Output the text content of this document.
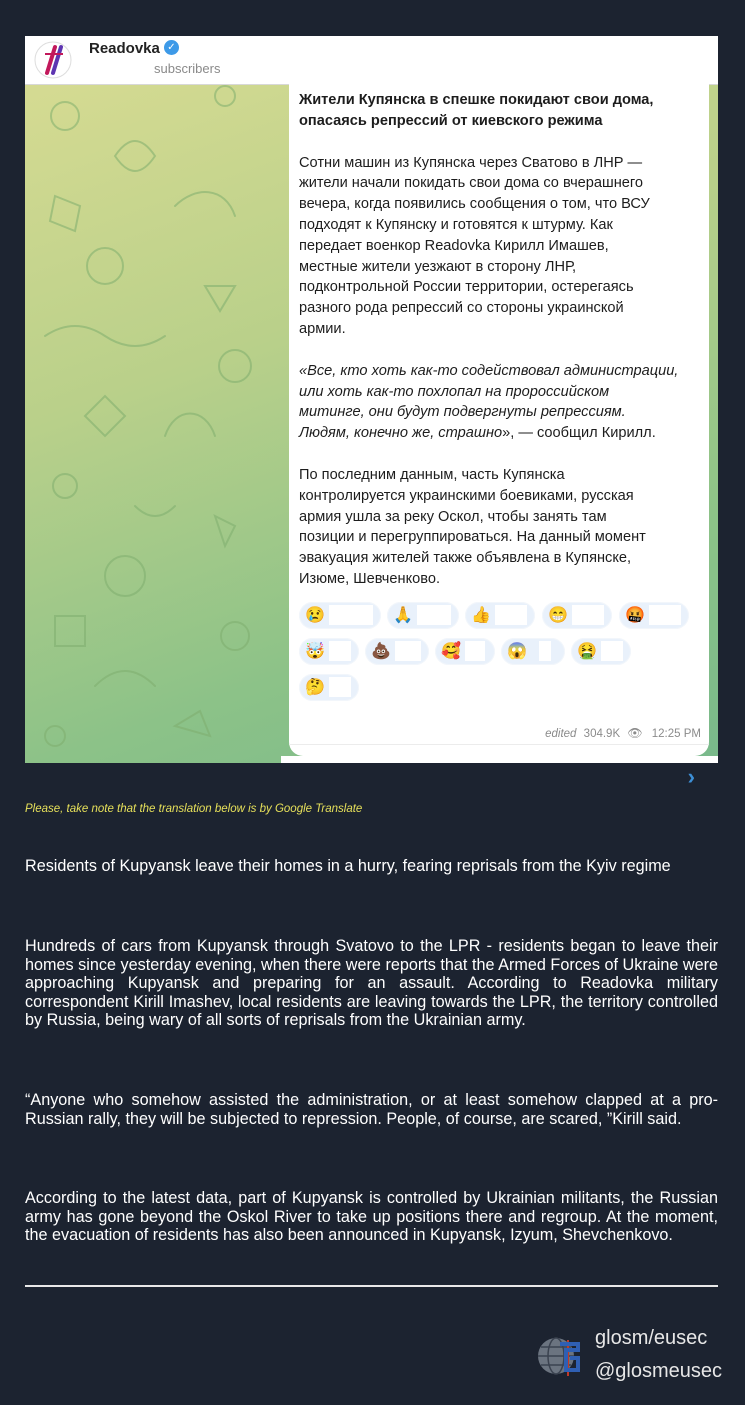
Readovka ✓
subscribers

Жители Купянска в спешке покидают свои дома,

опасаясь репрессий от киевского режима

Сотни машин из Купянска через Сватово в ЛНР —

жители начали покидать свои дома со вчерашнего

вечера, когда появились сообщения о том, что ВСУ

подходят к Купянску и готовятся к штурму. Как

передает военкор Readovka Кирилл Имашев,

местные жители уезжают в сторону ЛНР,

подконтрольной России территории, остерегаясь

разного рода репрессий со стороны украинской

армии.

«Все, кто хоть как-то содействовал администрации,

или хоть как-то похлопал на пророссийском

митинге, они будут подвергнуты репрессиям.

Людям, конечно же, страшно», — сообщил Кирилл.

По последним данным, часть Купянска

контролируется украинскими боевиками, русская

армия ушла за реку Оскол, чтобы занять там

позиции и перегруппироваться. На данный момент

эвакуация жителей также объявлена в Купянске,

Изюме, Шевченково.

😢	🙏	👍	😁	🤬
🤯	💩	🥰	😱	🤮
🤔
edited 304.9K 👁 12:25 PM
›
Please, take note that the translation below is by Google Translate
Residents of Kupyansk leave their homes in a hurry, fearing reprisals from the Kyiv regime
Hundreds of cars from Kupyansk through Svatovo to the LPR - residents began to leave their homes since yesterday evening, when there were reports that the Armed Forces of Ukraine were approaching Kupyansk and preparing for an assault. According to Readovka military correspondent Kirill Imashev, local residents are leaving towards the LPR, the territory controlled by Russia, being wary of all sorts of reprisals from the Ukrainian army.
“Anyone who somehow assisted the administration, or at least somehow clapped at a pro-Russian rally, they will be subjected to repression. People, of course, are scared, ”Kirill said.
According to the latest data, part of Kupyansk is controlled by Ukrainian militants, the Russian army has gone beyond the Oskol River to take up positions there and regroup. At the moment, the evacuation of residents has also been announced in Kupyansk, Izyum, Shevchenkovo.
glosm/eusec
@glosmeusec
